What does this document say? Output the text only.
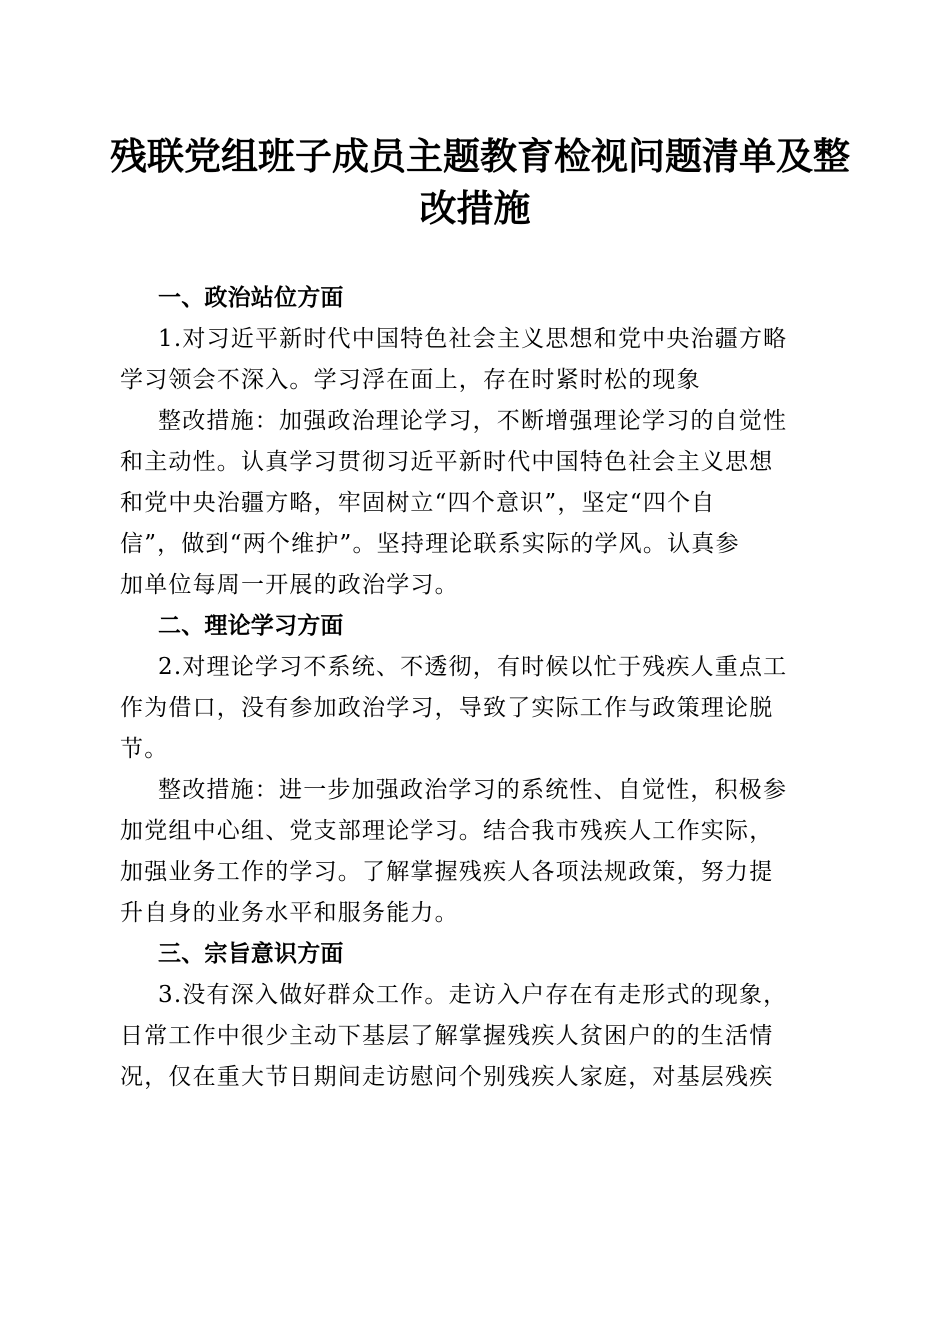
残联党组班子成员主题教育检视问题清单及整
改措施
一、政治站位方面
1.对习近平新时代中国特色社会主义思想和党中央治疆方略
学习领会不深入。学习浮在面上，存在时紧时松的现象
整改措施：加强政治理论学习，不断增强理论学习的自觉性
和主动性。认真学习贯彻习近平新时代中国特色社会主义思想
和党中央治疆方略，牢固树立“四个意识”，坚定“四个自
信”，做到“两个维护”。坚持理论联系实际的学风。认真参
加单位每周一开展的政治学习。
二、理论学习方面
2.对理论学习不系统、不透彻，有时候以忙于残疾人重点工
作为借口，没有参加政治学习，导致了实际工作与政策理论脱
节。
整改措施：进一步加强政治学习的系统性、自觉性，积极参
加党组中心组、党支部理论学习。结合我市残疾人工作实际，
加强业务工作的学习。了解掌握残疾人各项法规政策，努力提
升自身的业务水平和服务能力。
三、宗旨意识方面
3.没有深入做好群众工作。走访入户存在有走形式的现象，
日常工作中很少主动下基层了解掌握残疾人贫困户的的生活情
况，仅在重大节日期间走访慰问个别残疾人家庭，对基层残疾
